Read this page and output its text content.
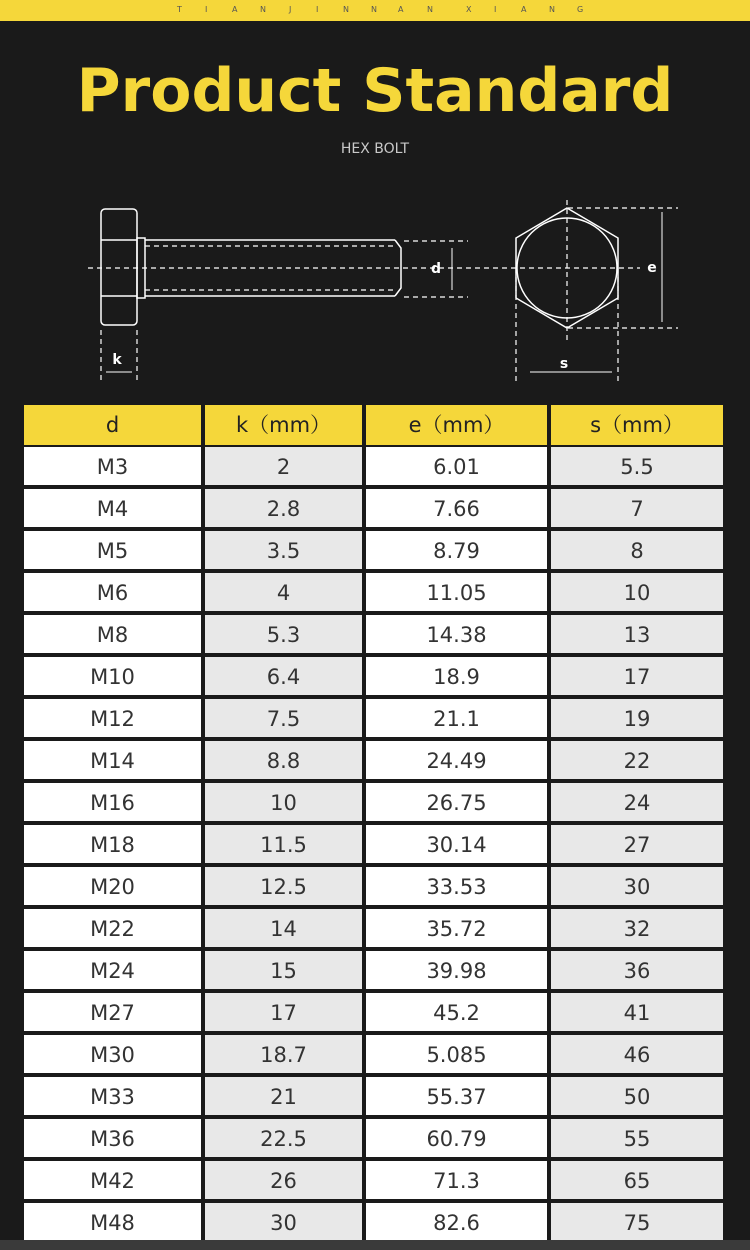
T	I	A	N	J	I	N	N	A	N	X	I	A	N	G
Product Standard
HEX BOLT
k
d	e
s
d	k（mm）	e（mm）	s（mm）
M3	2	6.01	5.5
M4	2.8	7.66	7
M5	3.5	8.79	8
M6	4	11.05	10
M8	5.3	14.38	13
M10	6.4	18.9	17
M12	7.5	21.1	19
M14	8.8	24.49	22
M16	10	26.75	24
M18	11.5	30.14	27
M20	12.5	33.53	30
M22	14	35.72	32
M24	15	39.98	36
M27	17	45.2	41
M30	18.7	5.085	46
M33	21	55.37	50
M36	22.5	60.79	55
M42	26	71.3	65
M48	30	82.6	75
